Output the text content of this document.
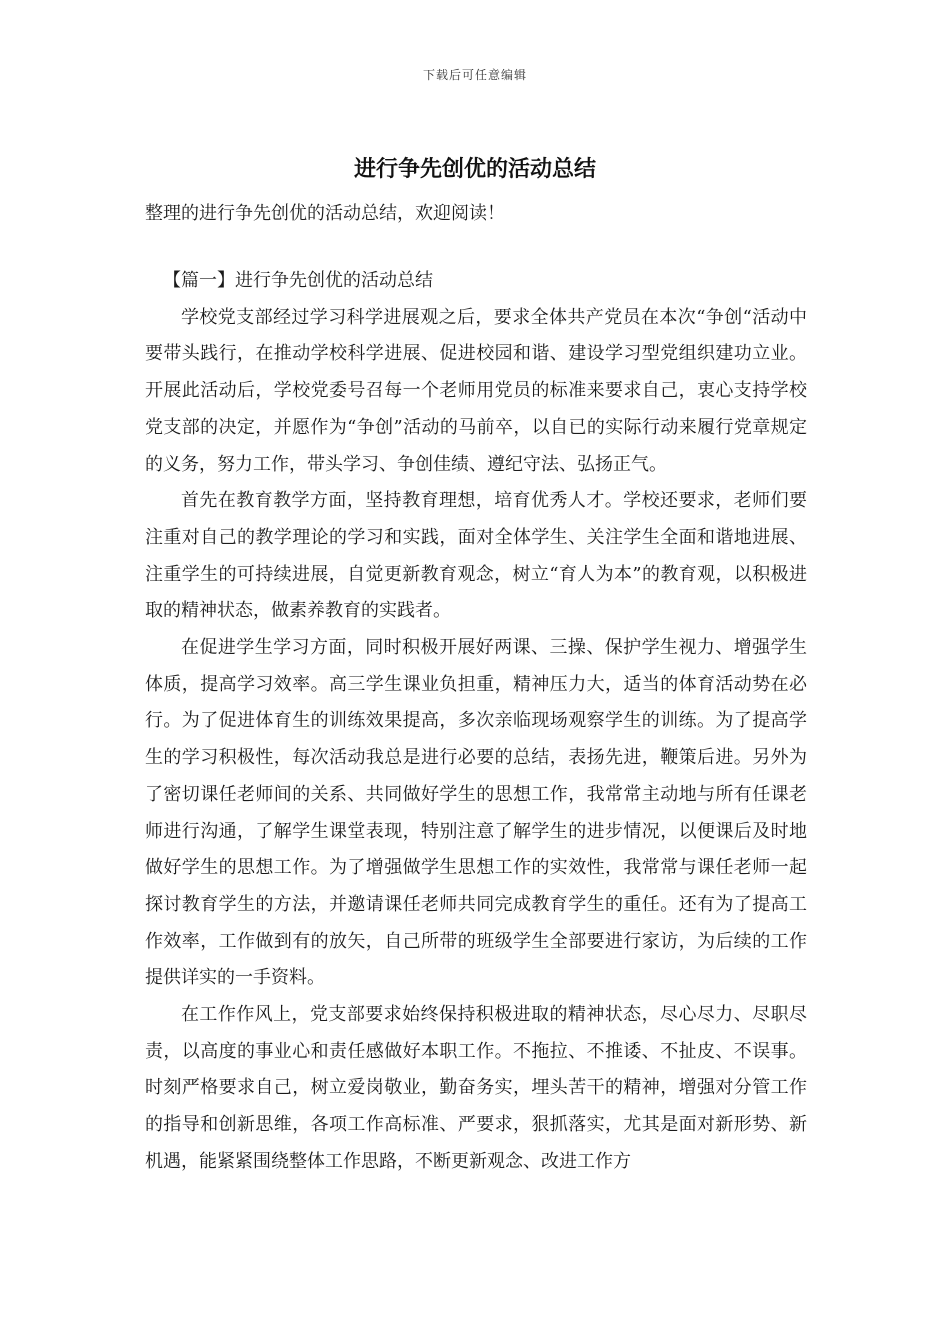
下载后可任意编辑
进行争先创优的活动总结
整理的进行争先创优的活动总结，欢迎阅读！

【篇一】进行争先创优的活动总结

学校党支部经过学习科学进展观之后，要求全体共产党员在本次“争创“活动中要带头践行，在推动学校科学进展、促进校园和谐、建设学习型党组织建功立业。开展此活动后，学校党委号召每一个老师用党员的标准来要求自己，衷心支持学校党支部的决定，并愿作为“争创”活动的马前卒，以自已的实际行动来履行党章规定的义务，努力工作，带头学习、争创佳绩、遵纪守法、弘扬正气。

首先在教育教学方面，坚持教育理想，培育优秀人才。学校还要求，老师们要注重对自己的教学理论的学习和实践，面对全体学生、关注学生全面和谐地进展、注重学生的可持续进展，自觉更新教育观念，树立“育人为本”的教育观，以积极进取的精神状态，做素养教育的实践者。

在促进学生学习方面，同时积极开展好两课、三操、保护学生视力、增强学生体质，提高学习效率。高三学生课业负担重，精神压力大，适当的体育活动势在必行。为了促进体育生的训练效果提高，多次亲临现场观察学生的训练。为了提高学生的学习积极性，每次活动我总是进行必要的总结，表扬先进，鞭策后进。另外为了密切课任老师间的关系、共同做好学生的思想工作，我常常主动地与所有任课老师进行沟通，了解学生课堂表现，特别注意了解学生的进步情况，以便课后及时地做好学生的思想工作。为了增强做学生思想工作的实效性，我常常与课任老师一起探讨教育学生的方法，并邀请课任老师共同完成教育学生的重任。还有为了提高工作效率，工作做到有的放矢，自己所带的班级学生全部要进行家访，为后续的工作提供详实的一手资料。

在工作作风上，党支部要求始终保持积极进取的精神状态，尽心尽力、尽职尽责，以高度的事业心和责任感做好本职工作。不拖拉、不推诿、不扯皮、不误事。时刻严格要求自己，树立爱岗敬业，勤奋务实，埋头苦干的精神，增强对分管工作的指导和创新思维，各项工作高标准、严要求，狠抓落实，尤其是面对新形势、新机遇，能紧紧围绕整体工作思路，不断更新观念、改进工作方
